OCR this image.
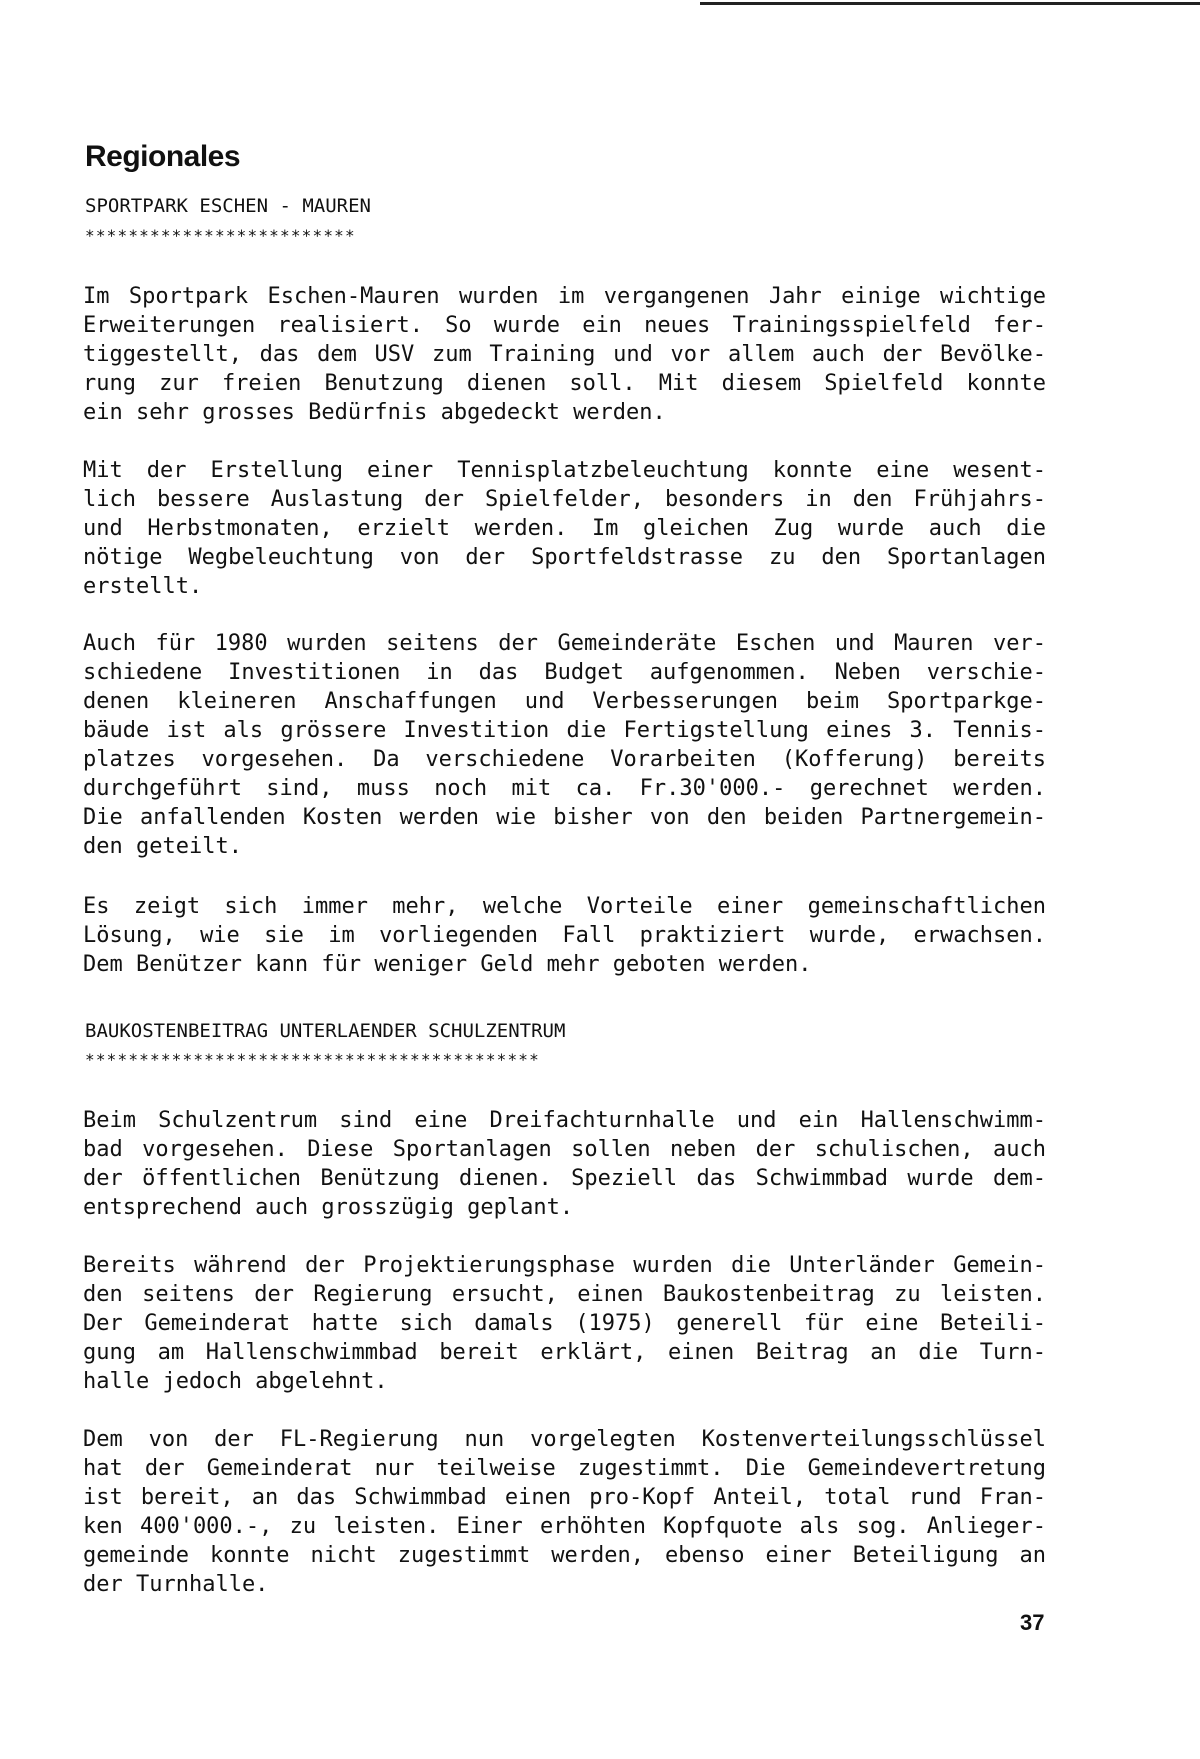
Regionales
SPORTPARK ESCHEN - MAUREN
*************************
Im Sportpark Eschen-Mauren wurden im vergangenen Jahr einige wichtige
Erweiterungen realisiert. So wurde ein neues Trainingsspielfeld fer-
tiggestellt, das dem USV zum Training und vor allem auch der Bevölke-
rung zur freien Benutzung dienen soll. Mit diesem Spielfeld konnte
ein sehr grosses Bedürfnis abgedeckt werden.
Mit der Erstellung einer Tennisplatzbeleuchtung konnte eine wesent-
lich bessere Auslastung der Spielfelder, besonders in den Frühjahrs-
und Herbstmonaten, erzielt werden. Im gleichen Zug wurde auch die
nötige Wegbeleuchtung von der Sportfeldstrasse zu den Sportanlagen
erstellt.
Auch für 1980 wurden seitens der Gemeinderäte Eschen und Mauren ver-
schiedene Investitionen in das Budget aufgenommen. Neben verschie-
denen kleineren Anschaffungen und Verbesserungen beim Sportparkge-
bäude ist als grössere Investition die Fertigstellung eines 3. Tennis-
platzes vorgesehen. Da verschiedene Vorarbeiten (Kofferung) bereits
durchgeführt sind, muss noch mit ca. Fr.30'000.- gerechnet werden.
Die anfallenden Kosten werden wie bisher von den beiden Partnergemein-
den geteilt.
Es zeigt sich immer mehr, welche Vorteile einer gemeinschaftlichen
Lösung, wie sie im vorliegenden Fall praktiziert wurde, erwachsen.
Dem Benützer kann für weniger Geld mehr geboten werden.
BAUKOSTENBEITRAG UNTERLAENDER SCHULZENTRUM
******************************************
Beim Schulzentrum sind eine Dreifachturnhalle und ein Hallenschwimm-
bad vorgesehen. Diese Sportanlagen sollen neben der schulischen, auch
der öffentlichen Benützung dienen. Speziell das Schwimmbad wurde dem-
entsprechend auch grosszügig geplant.
Bereits während der Projektierungsphase wurden die Unterländer Gemein-
den seitens der Regierung ersucht, einen Baukostenbeitrag zu leisten.
Der Gemeinderat hatte sich damals (1975) generell für eine Beteili-
gung am Hallenschwimmbad bereit erklärt, einen Beitrag an die Turn-
halle jedoch abgelehnt.
Dem von der FL-Regierung nun vorgelegten Kostenverteilungsschlüssel
hat der Gemeinderat nur teilweise zugestimmt. Die Gemeindevertretung
ist bereit, an das Schwimmbad einen pro-Kopf Anteil, total rund Fran-
ken 400'000.-, zu leisten. Einer erhöhten Kopfquote als sog. Anlieger-
gemeinde konnte nicht zugestimmt werden, ebenso einer Beteiligung an
der Turnhalle.
37
